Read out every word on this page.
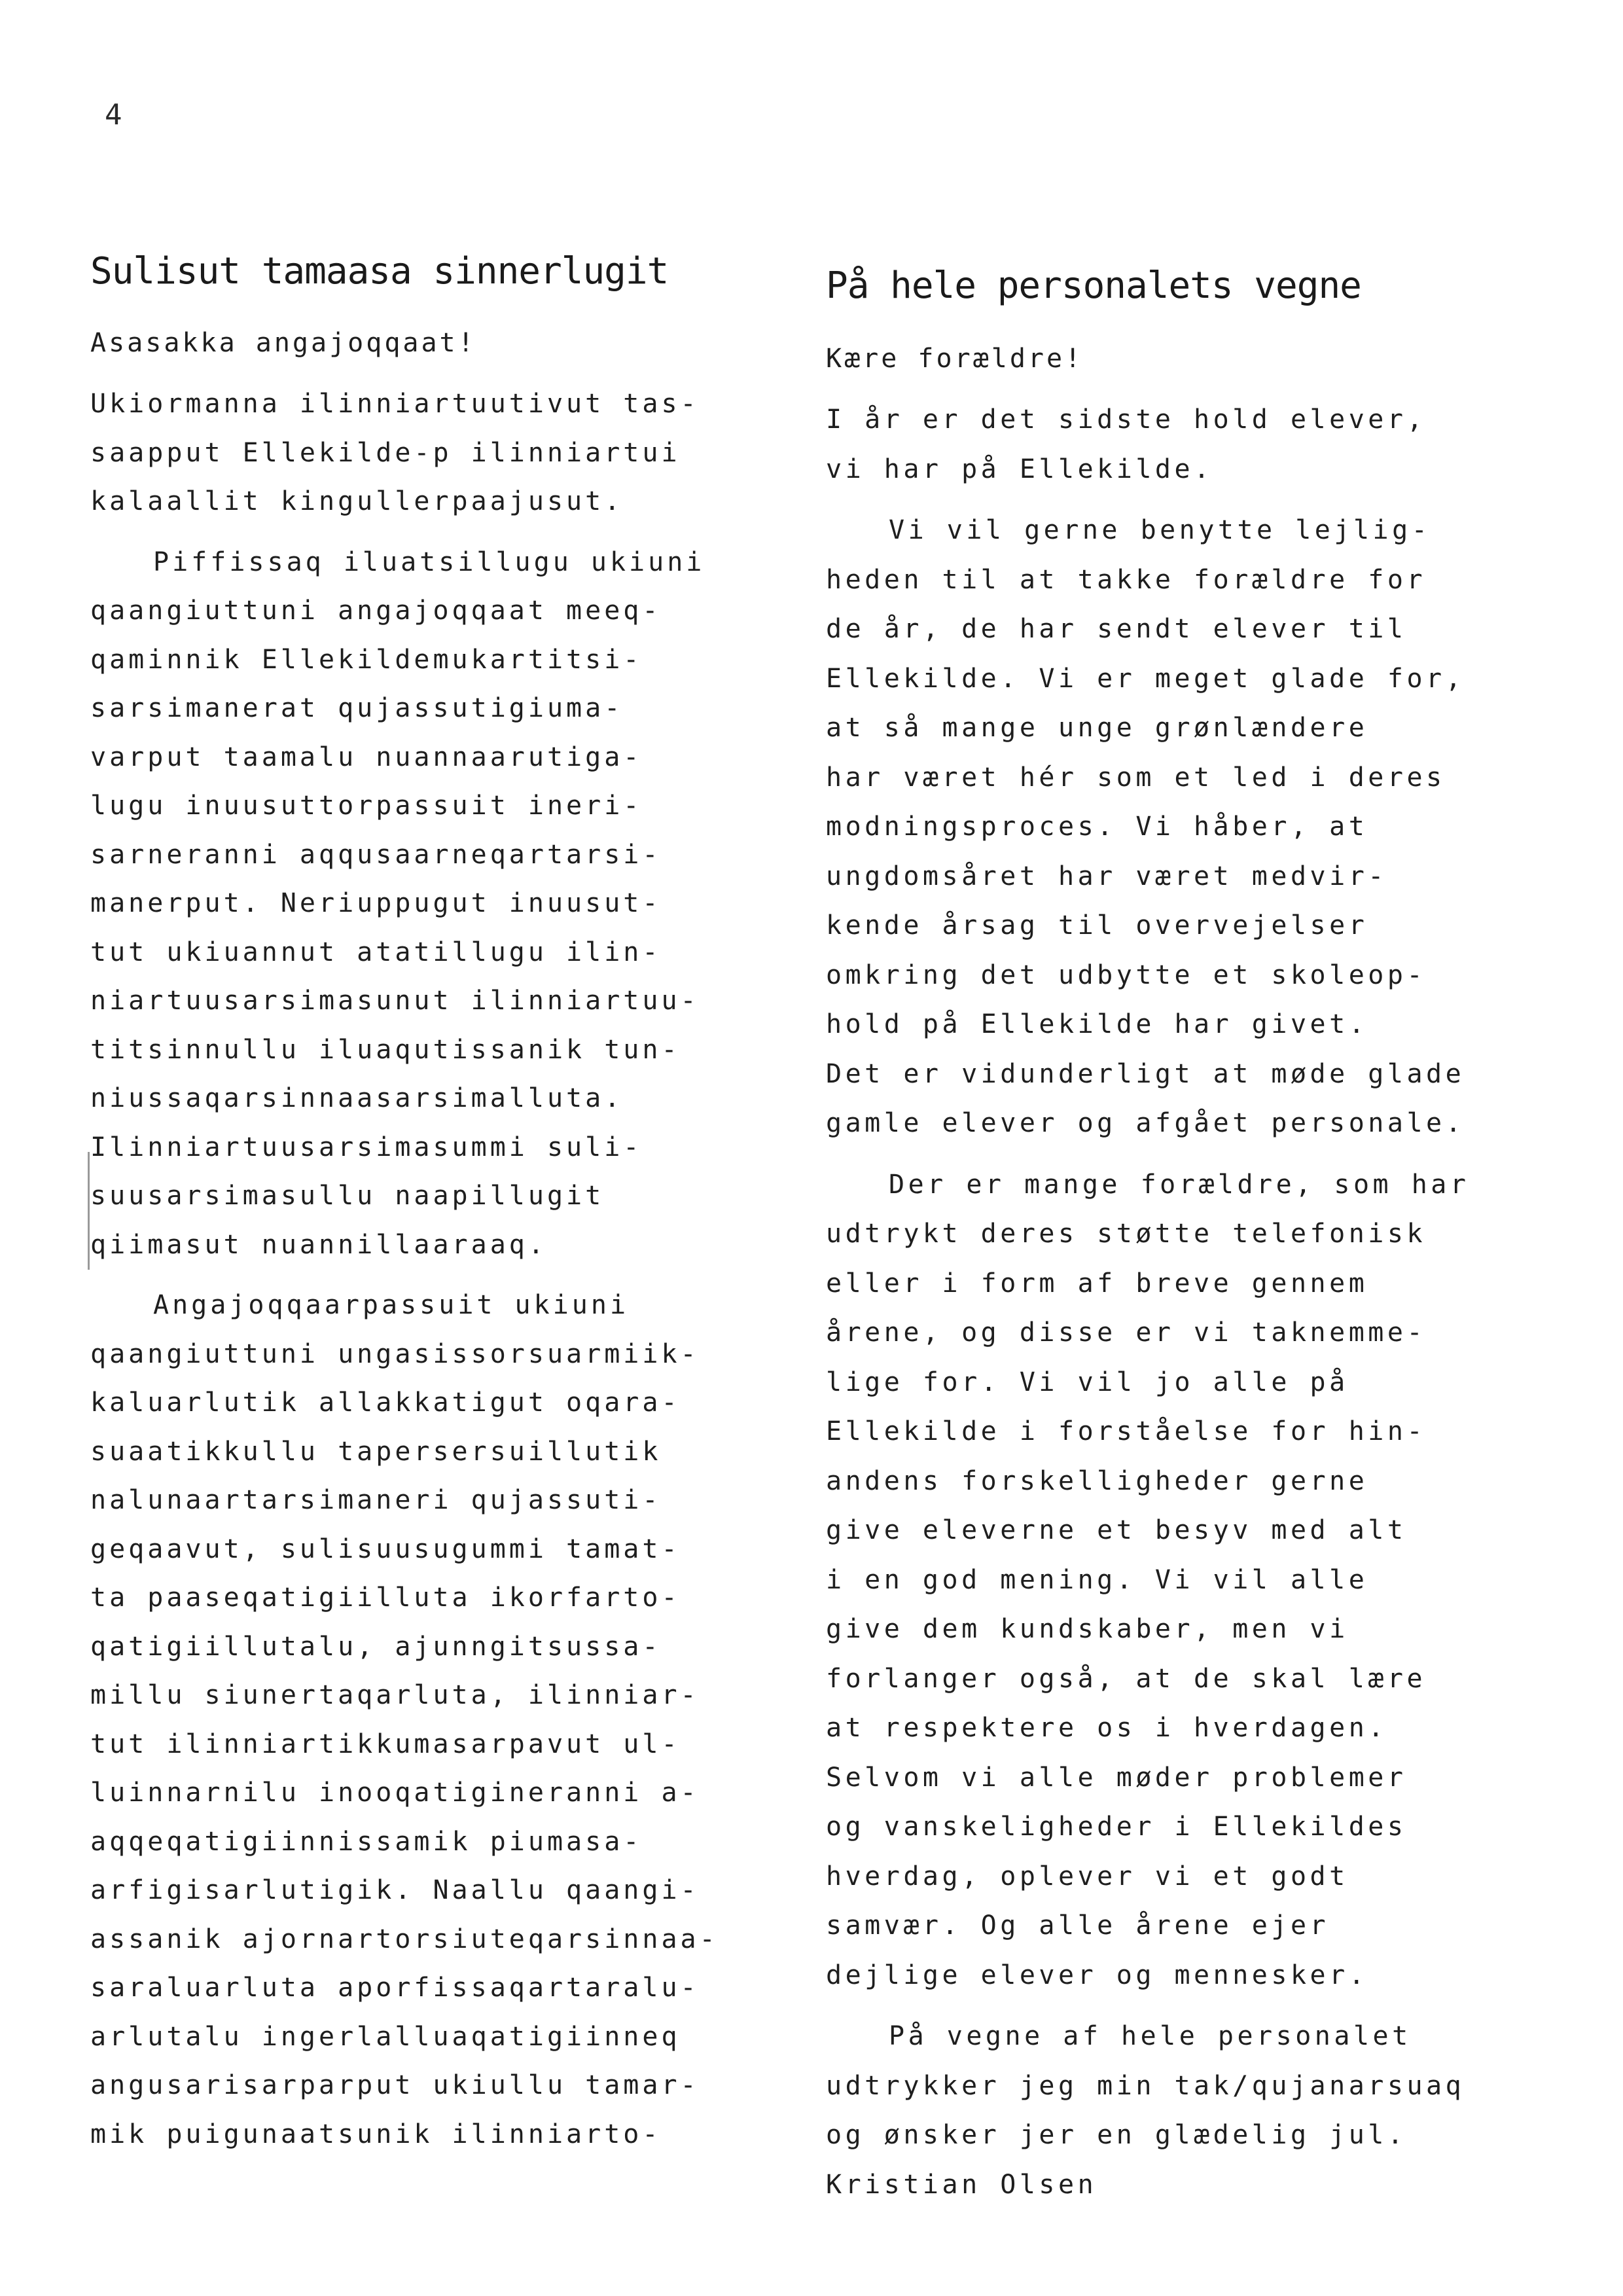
4
Sulisut tamaasa sinnerlugit
Asasakka angajoqqaat!
Ukiormanna ilinniartuutivut tas-
saapput Ellekilde-p ilinniartui
kalaallit kingullerpaajusut.
Piffissaq iluatsillugu ukiuni
qaangiuttuni angajoqqaat meeq-
qaminnik Ellekildemukartitsi-
sarsimanerat qujassutigiuma-
varput taamalu nuannaarutiga-
lugu inuusuttorpassuit ineri-
sarneranni aqqusaarneqartarsi-
manerput. Neriuppugut inuusut-
tut ukiuannut atatillugu ilin-
niartuusarsimasunut ilinniartuu-
titsinnullu iluaqutissanik tun-
niussaqarsinnaasarsimalluta.
Ilinniartuusarsimasummi suli-
suusarsimasullu naapillugit
qiimasut nuannillaaraaq.
Angajoqqaarpassuit ukiuni
qaangiuttuni ungasissorsuarmiik-
kaluarlutik allakkatigut oqara-
suaatikkullu tapersersuillutik
nalunaartarsimaneri qujassuti-
geqaavut, sulisuusugummi tamat-
ta paaseqatigiilluta ikorfarto-
qatigiillutalu, ajunngitsussa-
millu siunertaqarluta, ilinniar-
tut ilinniartikkumasarpavut ul-
luinnarnilu inooqatigineranni a-
aqqeqatigiinnissamik piumasa-
arfigisarlutigik. Naallu qaangi-
assanik ajornartorsiuteqarsinnaa-
saraluarluta aporfissaqartaralu-
arlutalu ingerlalluaqatigiinneq
angusarisarparput ukiullu tamar-
mik puigunaatsunik ilinniarto-
På hele personalets vegne
Kære forældre!
I år er det sidste hold elever,
vi har på Ellekilde.
Vi vil gerne benytte lejlig-
heden til at takke forældre for
de år, de har sendt elever til
Ellekilde. Vi er meget glade for,
at så mange unge grønlændere
har været hér som et led i deres
modningsproces. Vi håber, at
ungdomsåret har været medvir-
kende årsag til overvejelser
omkring det udbytte et skoleop-
hold på Ellekilde har givet.
Det er vidunderligt at møde glade
gamle elever og afgået personale.
Der er mange forældre, som har
udtrykt deres støtte telefonisk
eller i form af breve gennem
årene, og disse er vi taknemme-
lige for. Vi vil jo alle på
Ellekilde i forståelse for hin-
andens forskelligheder gerne
give eleverne et besyv med alt
i en god mening. Vi vil alle
give dem kundskaber, men vi
forlanger også, at de skal lære
at respektere os i hverdagen.
Selvom vi alle møder problemer
og vanskeligheder i Ellekildes
hverdag, oplever vi et godt
samvær. Og alle årene ejer
dejlige elever og mennesker.
På vegne af hele personalet
udtrykker jeg min tak/qujanarsuaq
og ønsker jer en glædelig jul.
Kristian Olsen
